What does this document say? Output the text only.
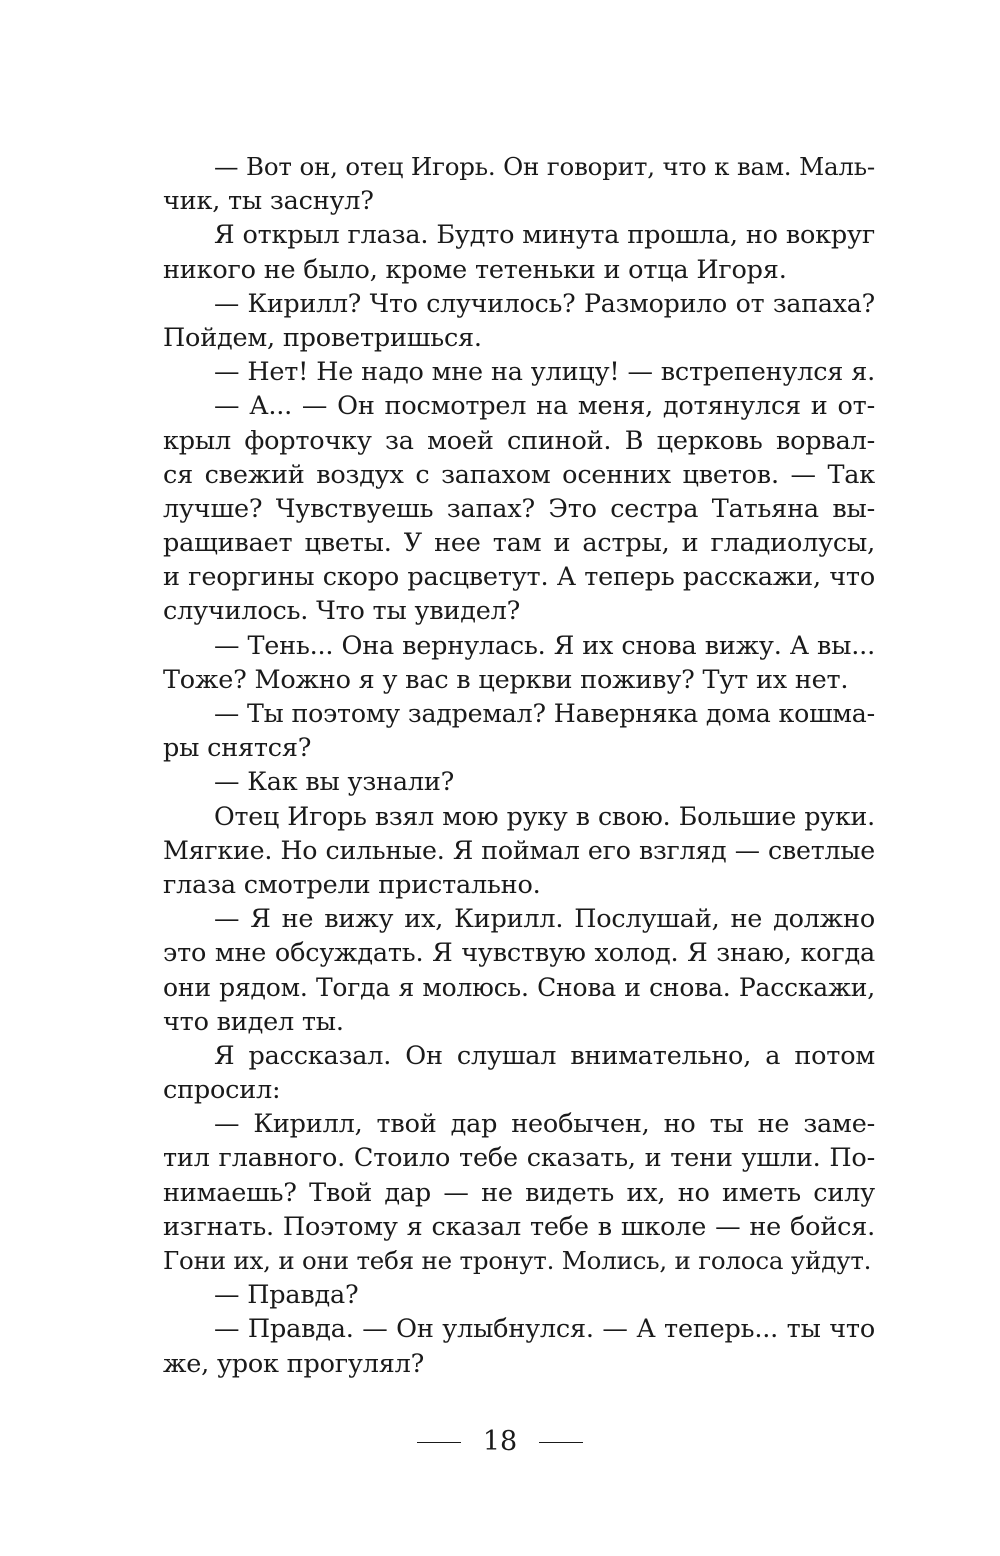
— Вот он, отец Игорь. Он говорит, что к вам. Маль-
чик, ты заснул?
Я открыл глаза. Будто минута прошла, но вокруг
никого не было, кроме тетеньки и отца Игоря.
— Кирилл? Что случилось? Разморило от запаха?
Пойдем, проветришься.
— Нет! Не надо мне на улицу! — встрепенулся я.
— А... — Он посмотрел на меня, дотянулся и от-
крыл форточку за моей спиной. В церковь ворвал-
ся свежий воздух с запахом осенних цветов. — Так
лучше? Чувствуешь запах? Это сестра Татьяна вы-
ращивает цветы. У нее там и астры, и гладиолусы,
и георгины скоро расцветут. А теперь расскажи, что
случилось. Что ты увидел?
— Тень... Она вернулась. Я их снова вижу. А вы...
Тоже? Можно я у вас в церкви поживу? Тут их нет.
— Ты поэтому задремал? Наверняка дома кошма-
ры снятся?
— Как вы узнали?
Отец Игорь взял мою руку в свою. Большие руки.
Мягкие. Но сильные. Я поймал его взгляд — светлые
глаза смотрели пристально.
— Я не вижу их, Кирилл. Послушай, не должно
это мне обсуждать. Я чувствую холод. Я знаю, когда
они рядом. Тогда я молюсь. Снова и снова. Расскажи,
что видел ты.
Я рассказал. Он слушал внимательно, а потом
спросил:
— Кирилл, твой дар необычен, но ты не заме-
тил главного. Стоило тебе сказать, и тени ушли. По-
нимаешь? Твой дар — не видеть их, но иметь силу
изгнать. Поэтому я сказал тебе в школе — не бойся.
Гони их, и они тебя не тронут. Молись, и голоса уйдут.
— Правда?
— Правда. — Он улыбнулся. — А теперь... ты что
же, урок прогулял?
18
